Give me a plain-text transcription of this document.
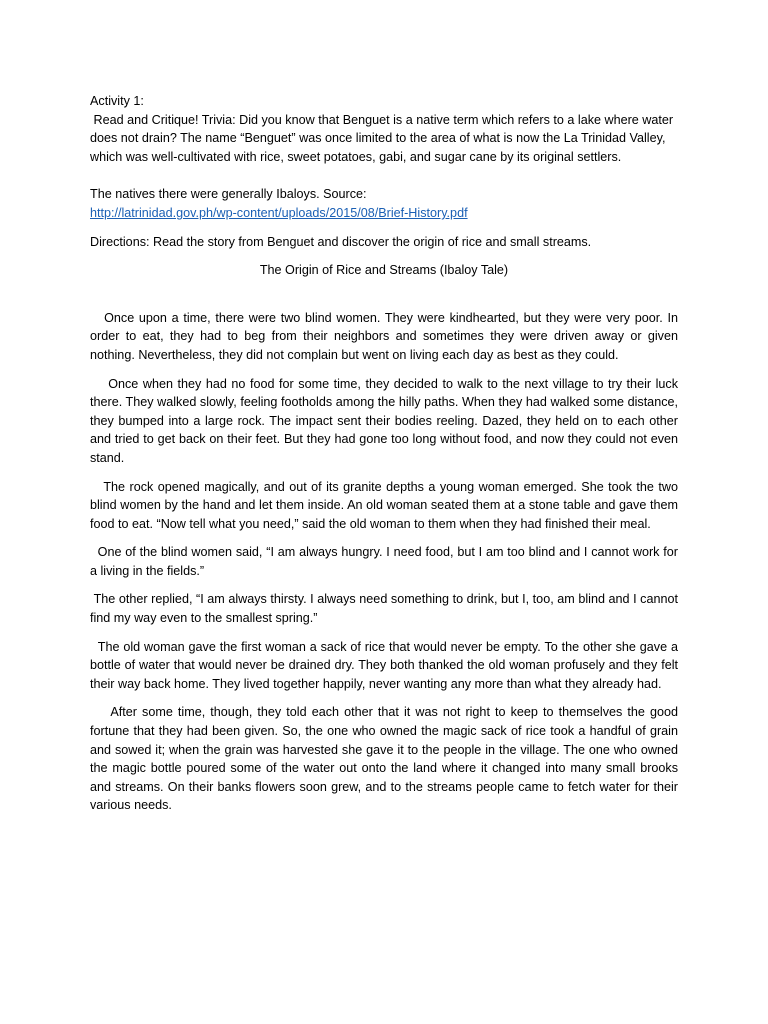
Activity 1:

Read and Critique! Trivia: Did you know that Benguet is a native term which refers to a lake where water does not drain? The name “Benguet” was once limited to the area of what is now the La Trinidad Valley, which was well-cultivated with rice, sweet potatoes, gabi, and sugar cane by its original settlers.

The natives there were generally Ibaloys. Source:

http://latrinidad.gov.ph/wp-content/uploads/2015/08/Brief-History.pdf

Directions: Read the story from Benguet and discover the origin of rice and small streams.

The Origin of Rice and Streams (Ibaloy Tale)

Once upon a time, there were two blind women. They were kindhearted, but they were very poor. In order to eat, they had to beg from their neighbors and sometimes they were driven away or given nothing. Nevertheless, they did not complain but went on living each day as best as they could.

Once when they had no food for some time, they decided to walk to the next village to try their luck there. They walked slowly, feeling footholds among the hilly paths. When they had walked some distance, they bumped into a large rock. The impact sent their bodies reeling. Dazed, they held on to each other and tried to get back on their feet. But they had gone too long without food, and now they could not even stand.

The rock opened magically, and out of its granite depths a young woman emerged. She took the two blind women by the hand and let them inside. An old woman seated them at a stone table and gave them food to eat. “Now tell what you need,” said the old woman to them when they had finished their meal.

One of the blind women said, “I am always hungry. I need food, but I am too blind and I cannot work for a living in the fields.”

The other replied, “I am always thirsty. I always need something to drink, but I, too, am blind and I cannot find my way even to the smallest spring.”

The old woman gave the first woman a sack of rice that would never be empty. To the other she gave a bottle of water that would never be drained dry. They both thanked the old woman profusely and they felt their way back home. They lived together happily, never wanting any more than what they already had.

After some time, though, they told each other that it was not right to keep to themselves the good fortune that they had been given. So, the one who owned the magic sack of rice took a handful of grain and sowed it; when the grain was harvested she gave it to the people in the village. The one who owned the magic bottle poured some of the water out onto the land where it changed into many small brooks and streams. On their banks flowers soon grew, and to the streams people came to fetch water for their various needs.
